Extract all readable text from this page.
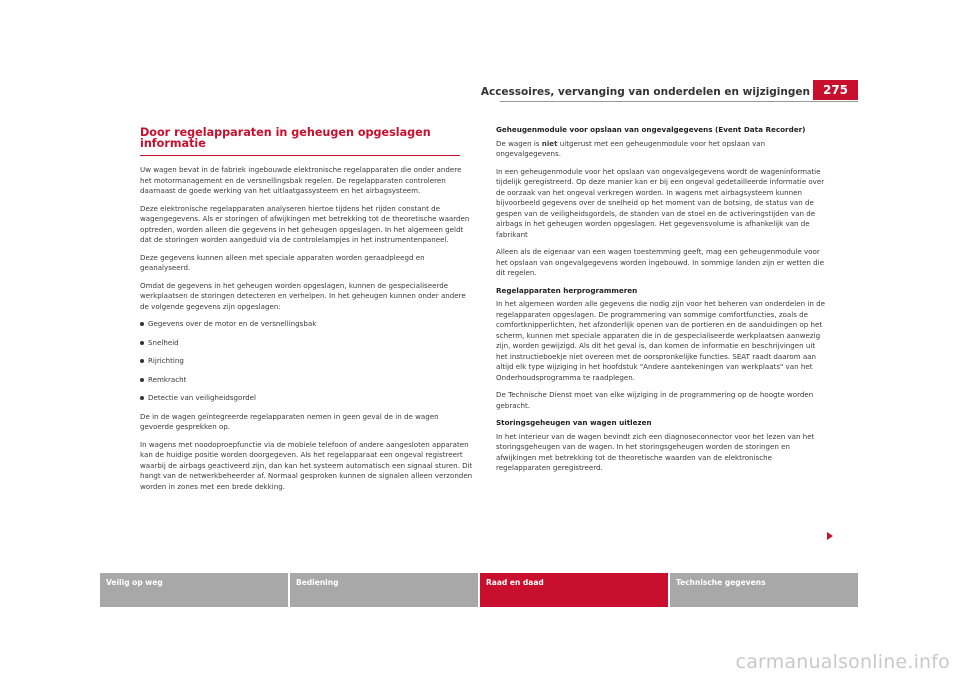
Accessoires, vervanging van onderdelen en wijzigingen	275
Door regelapparaten in geheugen opgeslagen informatie

Uw wagen bevat in de fabriek ingebouwde elektronische regelapparaten die onder andere het motormanagement en de versnellingsbak regelen. De regelapparaten controleren daarnaast de goede werking van het uitlaatgassysteem en het airbagsysteem.

Deze elektronische regelapparaten analyseren hiertoe tijdens het rijden constant de wagengegevens. Als er storingen of afwijkingen met betrekking tot de theoretische waarden optreden, worden alleen die gegevens in het geheugen opgeslagen. In het algemeen geldt dat de storingen worden aangeduid via de controlelampjes in het instrumentenpaneel.

Deze gegevens kunnen alleen met speciale apparaten worden geraadpleegd en geanalyseerd.

Omdat de gegevens in het geheugen worden opgeslagen, kunnen de gespecialiseerde werkplaatsen de storingen detecteren en verhelpen. In het geheugen kunnen onder andere de volgende gegevens zijn opgeslagen:

Gegevens over de motor en de versnellingsbak
Snelheid
Rijrichting
Remkracht
Detectie van veiligheidsgordel

De in de wagen geïntegreerde regelapparaten nemen in geen geval de in de wagen gevoerde gesprekken op.

In wagens met noodoproepfunctie via de mobiele telefoon of andere aangesloten apparaten kan de huidige positie worden doorgegeven. Als het regelapparaat een ongeval registreert waarbij de airbags geactiveerd zijn, dan kan het systeem automatisch een signaal sturen. Dit hangt van de netwerkbeheerder af. Normaal gesproken kunnen de signalen alleen verzonden worden in zones met een brede dekking.

Geheugenmodule voor opslaan van ongevalgegevens (Event Data Recorder)

De wagen is niet uitgerust met een geheugenmodule voor het opslaan van ongevalgegevens.

In een geheugenmodule voor het opslaan van ongevalgegevens wordt de wageninformatie tijdelijk geregistreerd. Op deze manier kan er bij een ongeval gedetailleerde informatie over de oorzaak van het ongeval verkregen worden. In wagens met airbagsysteem kunnen bijvoorbeeld gegevens over de snelheid op het moment van de botsing, de status van de gespen van de veiligheidsgordels, de standen van de stoel en de activeringstijden van de airbags in het geheugen worden opgeslagen. Het gegevensvolume is afhankelijk van de fabrikant

Alleen als de eigenaar van een wagen toestemming geeft, mag een geheugenmodule voor het opslaan van ongevalgegevens worden ingebouwd. In sommige landen zijn er wetten die dit regelen.

Regelapparaten herprogrammeren

In het algemeen worden alle gegevens die nodig zijn voor het beheren van onderdelen in de regelapparaten opgeslagen. De programmering van sommige comfortfuncties, zoals de comfortknipperlichten, het afzonderlijk openen van de portieren en de aanduidingen op het scherm, kunnen met speciale apparaten die in de gespecialiseerde werkplaatsen aanwezig zijn, worden gewijzigd. Als dit het geval is, dan komen de informatie en beschrijvingen uit het instructieboekje niet overeen met de oorspronkelijke functies. SEAT raadt daarom aan altijd elk type wijziging in het hoofdstuk "Andere aantekeningen van werkplaats" van het Onderhoudsprogramma te raadplegen.

De Technische Dienst moet van elke wijziging in de programmering op de hoogte worden gebracht.

Storingsgeheugen van wagen uitlezen

In het interieur van de wagen bevindt zich een diagnoseconnector voor het lezen van het storingsgeheugen van de wagen. In het storingsgeheugen worden de storingen en afwijkingen met betrekking tot de theoretische waarden van de elektronische regelapparaten geregistreerd.

Veilig op weg	Bediening	Raad en daad	Technische gegevens
carmanualsonline.info
